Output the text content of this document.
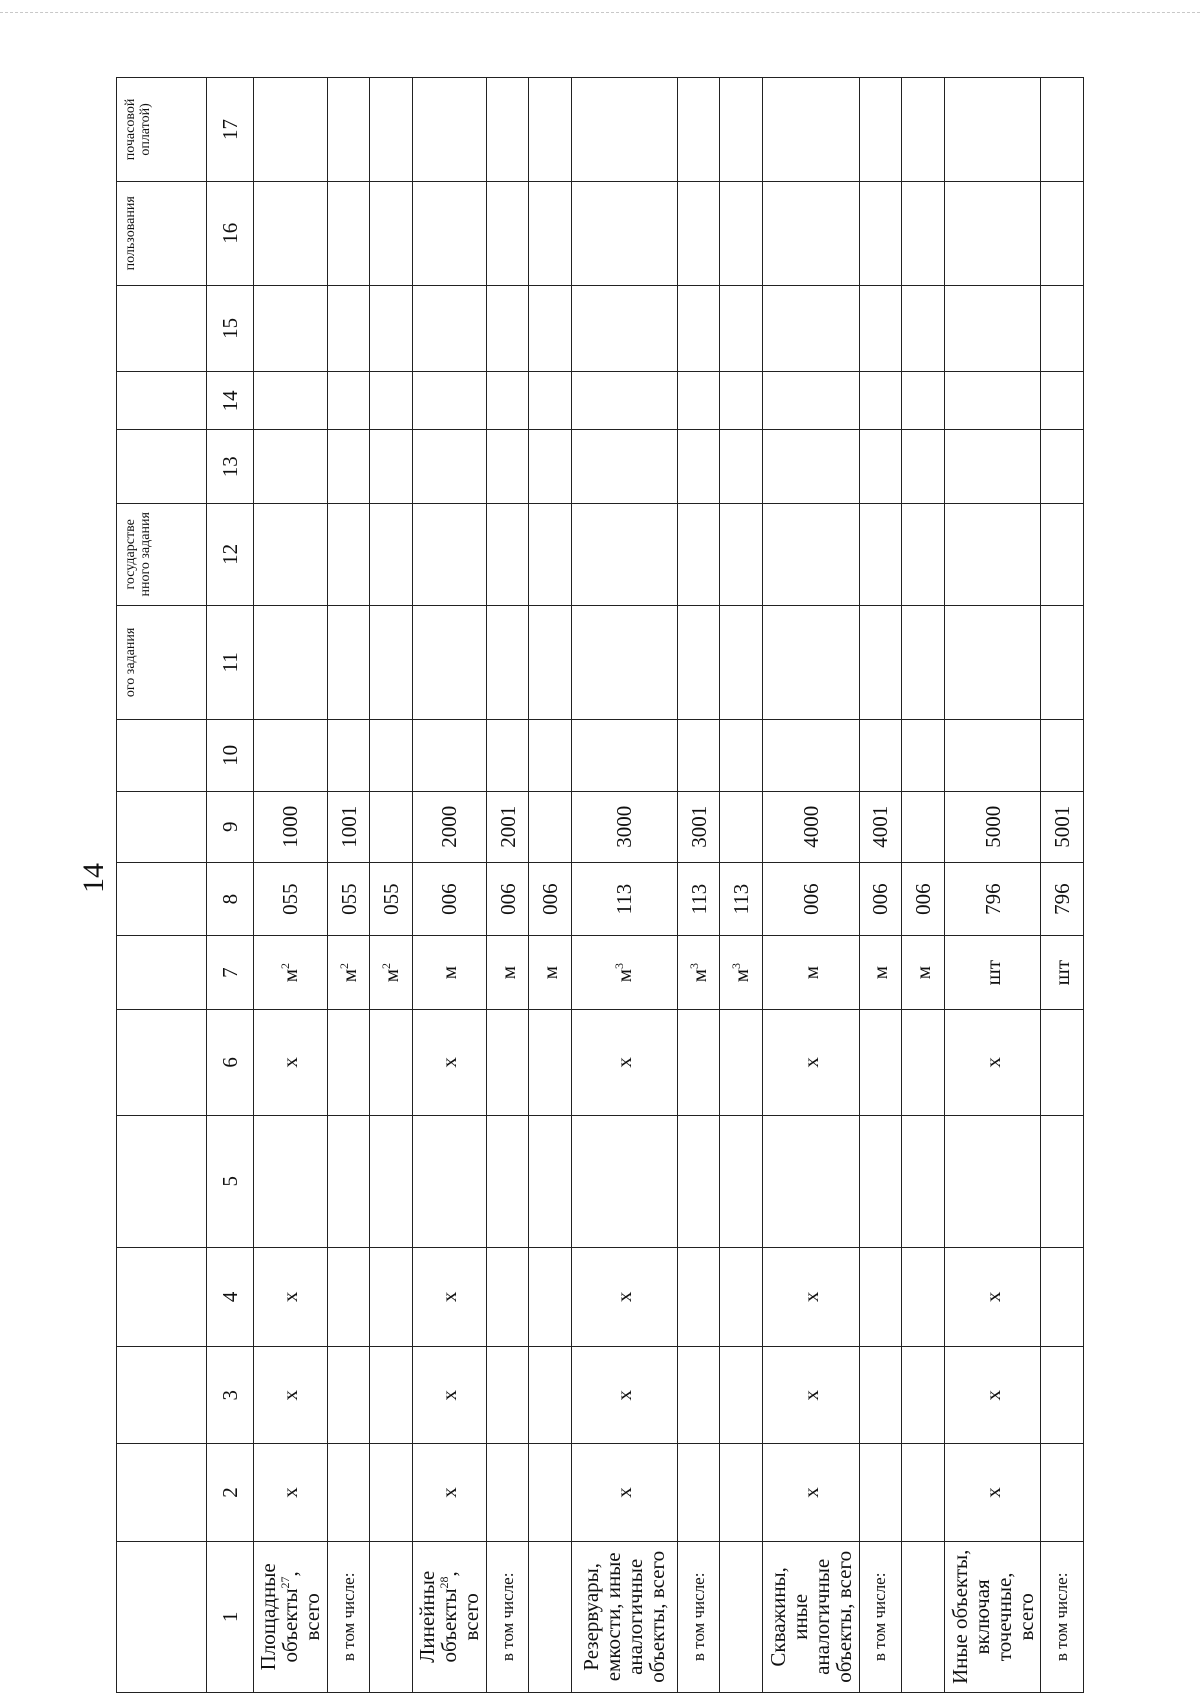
14
										ого задания	государстве нного задания				пользования	почасовой оплатой)
1	2	3	4	5	6	7	8	9	10	11	12	13	14	15	16	17
Площадные объекты$^{27}$, всего	x	x	x		x	$м^2$	055	1000								
в том числе:						$м^2$	055	1001								
						$м^2$	055									
Линейные объекты$^{28}$, всего	x	x	x		x	м	006	2000								
в том числе:						м	006	2001								
						м	006									
Резервуары, емкости, иные аналогичные объекты, всего	x	x	x		x	$м^3$	113	3000								
в том числе:						$м^3$	113	3001								
						$м^3$	113									
Скважины, иные аналогичные объекты, всего	x	x	x		x	м	006	4000								
в том числе:						м	006	4001								
						м	006									
Иные объекты, включая точечные, всего	x	x	x		x	шт	796	5000								
в том числе:						шт	796	5001								
